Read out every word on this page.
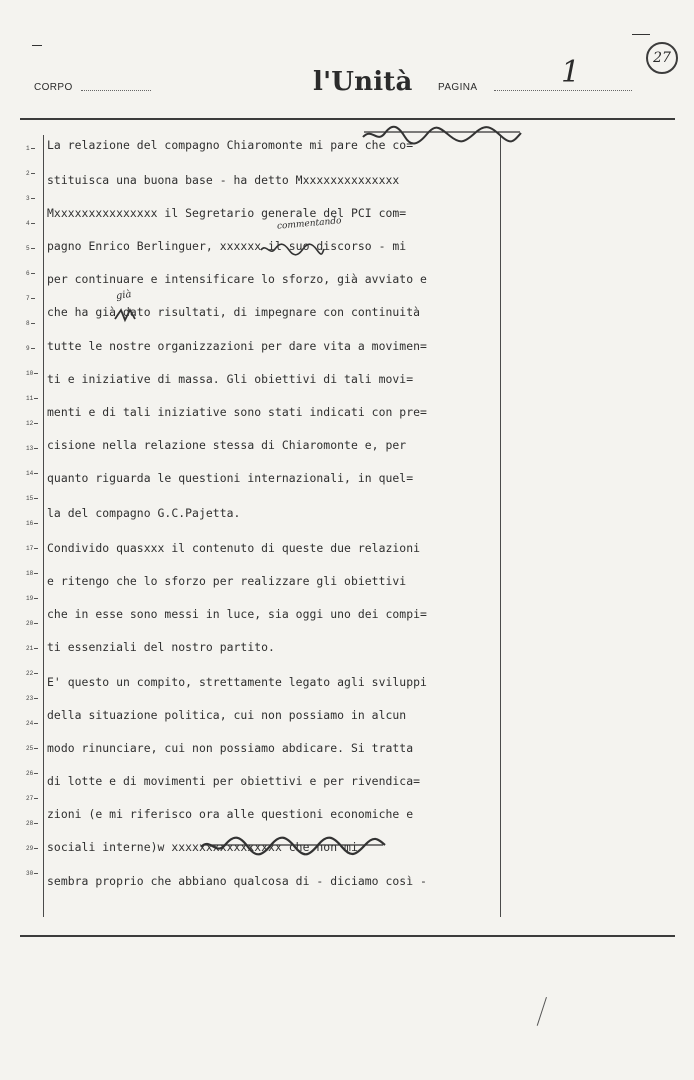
27
CORPO	l'Unità	PAGINA	1
1
2
3
4
5
6
7
8
9
10
11
12
13
14
15
16
17
18
19
20
21
22
23
24
25
26
27
28
29
30
La relazione del compagno Chiaromonte mi pare che co=
stituisca una buona base - ha detto Mxxxxxxxxxxxxxx
Mxxxxxxxxxxxxxxx il Segretario generale del PCI com=
pagno Enrico Berlinguer, xxxxxx il suo discorso - mi
per continuare e intensificare lo sforzo, già avviato e
che ha già dato risultati, di impegnare con continuità
tutte le nostre organizzazioni per dare vita a movimen=
ti e iniziative di massa. Gli obiettivi di tali movi=
menti e di tali iniziative sono stati indicati con pre=
cisione nella relazione stessa di Chiaromonte e, per
quanto riguarda le questioni internazionali, in quel=
la del compagno G.C.Pajetta.
Condivido quasxxx il contenuto di queste due relazioni
e ritengo che lo sforzo per realizzare gli obiettivi
che in esse sono messi in luce, sia oggi uno dei compi=
ti essenziali del nostro partito.
E' questo un compito, strettamente legato agli sviluppi
della situazione politica, cui non possiamo in alcun
modo rinunciare, cui non possiamo abdicare. Si tratta
di lotte e di movimenti per obiettivi e per rivendica=
zioni (e mi riferisco ora alle questioni economiche e
sociali interne)w xxxxxxxxxxxxxxxx che non mi
sembra proprio che abbiano qualcosa di - diciamo così -
commentando
già
